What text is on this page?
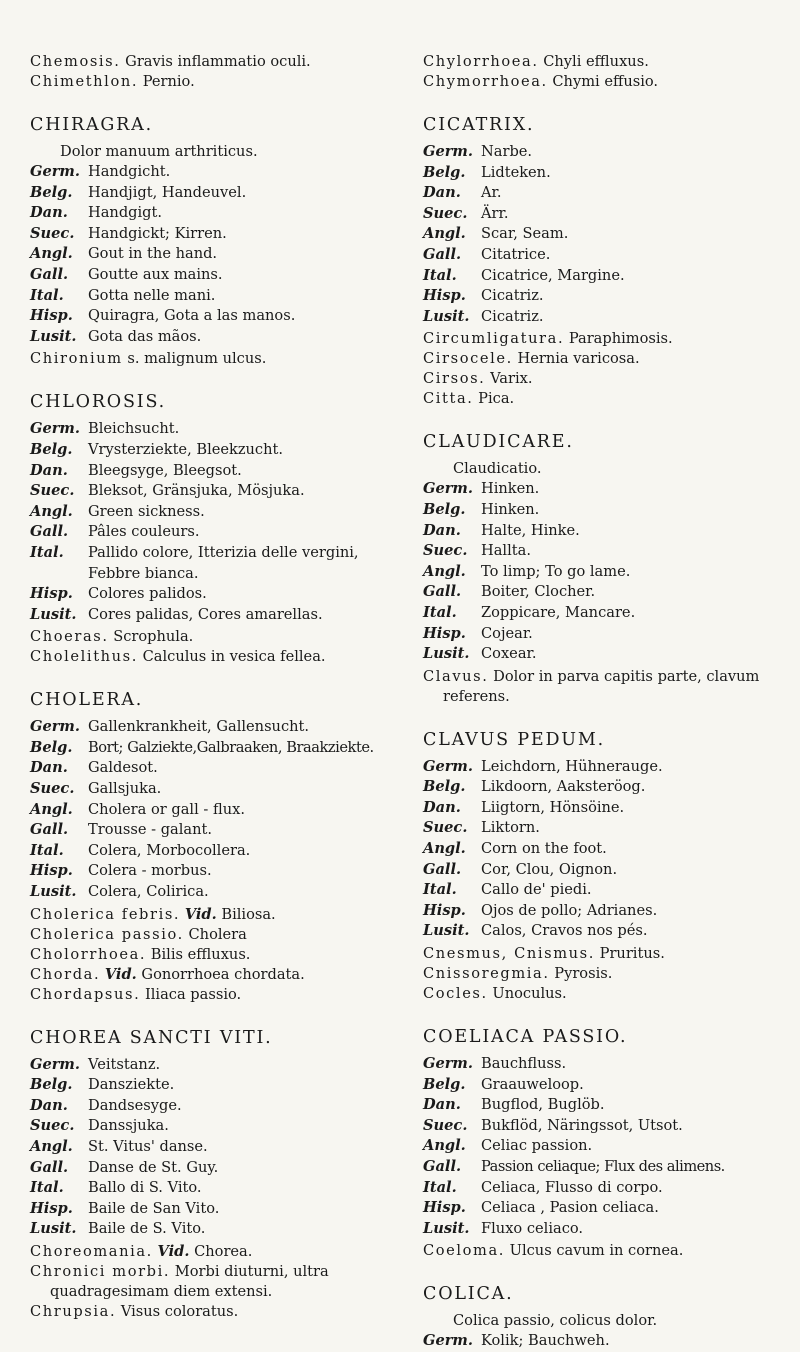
Chemosis. Gravis inflammatio oculi.
Chimethlon. Pernio.
CHIRAGRA.
Dolor manuum arthriticus.
Germ. Handgicht.
Belg.	Handjigt, Handeuvel.
Dan.	Handgigt.
Suec. Handgickt; Kirren.
Angl.	Gout in the hand.
Gall.	Goutte aux mains.
Ital.	Gotta nelle mani.
Hisp.	Quiragra, Gota a las manos.
Lusit. Gota das mãos.
Chironium s. malignum ulcus.
CHLOROSIS.
Germ. Bleichsucht.
Belg.	Vrysterziekte, Bleekzucht.
Dan.	Bleegsyge, Bleegsot.
Suec. Bleksot, Gränsjuka, Mösjuka.
Angl.	Green sickness.
Gall.	Pâles couleurs.
Ital.	Pallido colore, Itterizia delle vergini, Febbre bianca.
Hisp.	Colores palidos.
Lusit. Cores palidas, Cores amarellas.
Choeras. Scrophula.
Cholelithus. Calculus in vesica fellea.
CHOLERA.
Germ. Gallenkrankheit, Gallensucht.
Belg.	Bort; Galziekte,Galbraaken, Braakziekte.
Dan.	Galdesot.
Suec. Gallsjuka.
Angl.	Cholera or gall - flux.
Gall.	Trousse - galant.
Ital.	Colera, Morbocollera.
Hisp.	Colera - morbus.
Lusit. Colera, Colirica.
Cholerica febris. Vid. Biliosa.
Cholerica passio. Cholera
Cholorrhoea. Bilis effluxus.
Chorda. Vid. Gonorrhoea chordata.
Chordapsus. Iliaca passio.
CHOREA SANCTI VITI.
Germ. Veitstanz.
Belg.	Dansziekte.
Dan.	Dandsesyge.
Suec. Danssjuka.
Angl.	St. Vitus' danse.
Gall.	Danse de St. Guy.
Ital.	Ballo di S. Vito.
Hisp.	Baile de San Vito.
Lusit. Baile de S. Vito.
Choreomania. Vid. Chorea.
Chronici morbi. Morbi diuturni, ultra quadragesimam diem extensi.
Chrupsia. Visus coloratus.
Chylorrhoea. Chyli effluxus.
Chymorrhoea. Chymi effusio.
CICATRIX.
Germ. Narbe.
Belg.	Lidteken.
Dan.	Ar.
Suec. Ärr.
Angl.	Scar, Seam.
Gall.	Citatrice.
Ital.	Cicatrice, Margine.
Hisp.	Cicatriz.
Lusit. Cicatriz.
Circumligatura. Paraphimosis.
Cirsocele. Hernia varicosa.
Cirsos. Varix.
Citta. Pica.
CLAUDICARE.
Claudicatio.
Germ. Hinken.
Belg.	Hinken.
Dan.	Halte, Hinke.
Suec. Hallta.
Angl.	To limp; To go lame.
Gall.	Boiter, Clocher.
Ital.	Zoppicare, Mancare.
Hisp.	Cojear.
Lusit. Coxear.
Clavus. Dolor in parva capitis parte, clavum referens.
CLAVUS PEDUM.
Germ. Leichdorn, Hühnerauge.
Belg.	Likdoorn, Aaksteröog.
Dan.	Liigtorn, Hönsöine.
Suec. Liktorn.
Angl.	Corn on the foot.
Gall.	Cor, Clou, Oignon.
Ital.	Callo de' piedi.
Hisp.	Ojos de pollo; Adrianes.
Lusit. Calos, Cravos nos pés.
Cnesmus, Cnismus. Pruritus.
Cnissoregmia. Pyrosis.
Cocles. Unoculus.
COELIACA PASSIO.
Germ. Bauchfluss.
Belg.	Graauweloop.
Dan.	Bugflod, Buglöb.
Suec. Bukflöd, Näringssot, Utsot.
Angl.	Celiac passion.
Gall.	Passion celiaque; Flux des alimens.
Ital.	Celiaca, Flusso di corpo.
Hisp.	Celiaca , Pasion celiaca.
Lusit. Fluxo celiaco.
Coeloma. Ulcus cavum in cornea.
COLICA.
Colica passio, colicus dolor.
Germ. Kolik; Bauchweh.
